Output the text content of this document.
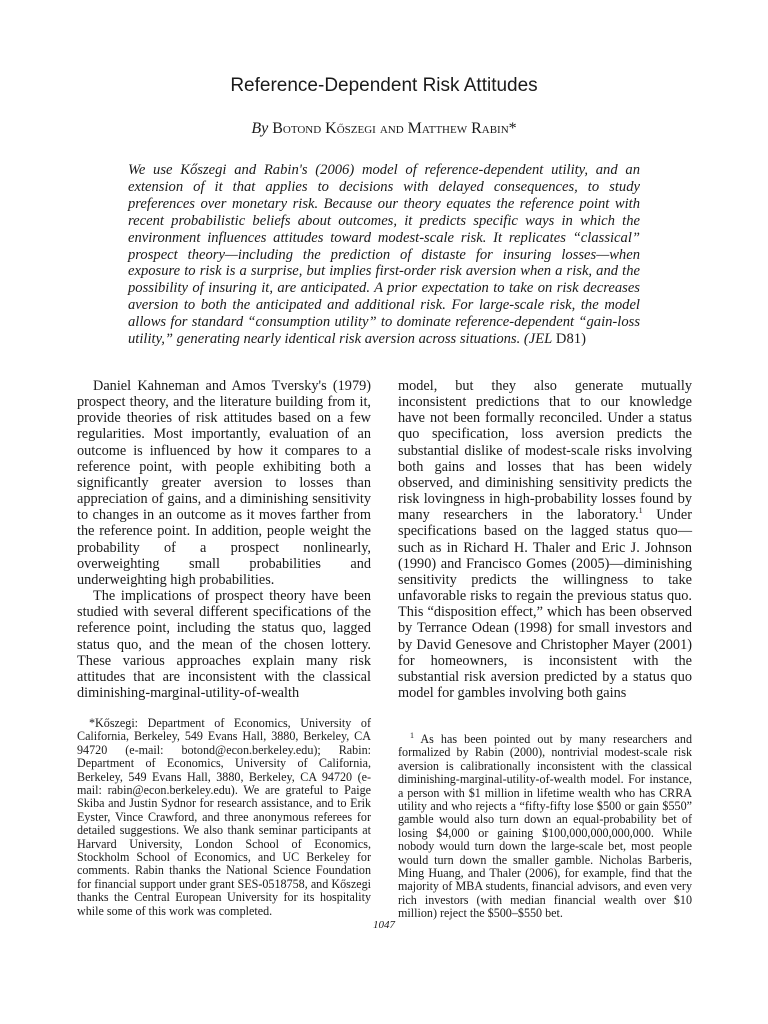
Reference-Dependent Risk Attitudes
By Botond Kőszegi and Matthew Rabin*
We use Kőszegi and Rabin's (2006) model of reference-dependent utility, and an extension of it that applies to decisions with delayed consequences, to study preferences over monetary risk. Because our theory equates the reference point with recent probabilistic beliefs about outcomes, it predicts specific ways in which the environment influences attitudes toward modest-scale risk. It replicates “classical” prospect theory—including the prediction of distaste for insuring losses—when exposure to risk is a surprise, but implies first-order risk aversion when a risk, and the possibility of insuring it, are anticipated. A prior expectation to take on risk decreases aversion to both the anticipated and additional risk. For large-scale risk, the model allows for standard “consumption utility” to dominate reference-dependent “gain-loss utility,” generating nearly identical risk aversion across situations. (JEL D81)

Daniel Kahneman and Amos Tversky's (1979) prospect theory, and the literature building from it, provide theories of risk attitudes based on a few regularities. Most importantly, evaluation of an outcome is influenced by how it compares to a reference point, with people exhibiting both a significantly greater aversion to losses than appreciation of gains, and a diminishing sensitivity to changes in an outcome as it moves farther from the reference point. In addition, people weight the probability of a prospect nonlinearly, overweighting small probabilities and underweighting high probabilities.

The implications of prospect theory have been studied with several different specifications of the reference point, including the status quo, lagged status quo, and the mean of the chosen lottery. These various approaches explain many risk attitudes that are inconsistent with the classical diminishing-marginal-utility-of-wealth

model, but they also generate mutually inconsistent predictions that to our knowledge have not been formally reconciled. Under a status quo specification, loss aversion predicts the substantial dislike of modest-scale risks involving both gains and losses that has been widely observed, and diminishing sensitivity predicts the risk lovingness in high-probability losses found by many researchers in the laboratory.$^1$ Under specifications based on the lagged status quo—such as in Richard H. Thaler and Eric J. Johnson (1990) and Francisco Gomes (2005)—diminishing sensitivity predicts the willingness to take unfavorable risks to regain the previous status quo. This “disposition effect,” which has been observed by Terrance Odean (1998) for small investors and by David Genesove and Christopher Mayer (2001) for homeowners, is inconsistent with the substantial risk aversion predicted by a status quo model for gambles involving both gains

*Kőszegi: Department of Economics, University of California, Berkeley, 549 Evans Hall, 3880, Berkeley, CA 94720 (e-mail: botond@econ.berkeley.edu); Rabin: Department of Economics, University of California, Berkeley, 549 Evans Hall, 3880, Berkeley, CA 94720 (e-mail: rabin@econ.berkeley.edu). We are grateful to Paige Skiba and Justin Sydnor for research assistance, and to Erik Eyster, Vince Crawford, and three anonymous referees for detailed suggestions. We also thank seminar participants at Harvard University, London School of Economics, Stockholm School of Economics, and UC Berkeley for comments. Rabin thanks the National Science Foundation for financial support under grant SES-0518758, and Kőszegi thanks the Central European University for its hospitality while some of this work was completed.

$^1$ As has been pointed out by many researchers and formalized by Rabin (2000), nontrivial modest-scale risk aversion is calibrationally inconsistent with the classical diminishing-marginal-utility-of-wealth model. For instance, a person with $1 million in lifetime wealth who has CRRA utility and who rejects a “fifty-fifty lose $500 or gain $550” gamble would also turn down an equal-probability bet of losing $4,000 or gaining $100,000,000,000,000. While nobody would turn down the large-scale bet, most people would turn down the smaller gamble. Nicholas Barberis, Ming Huang, and Thaler (2006), for example, find that the majority of MBA students, financial advisors, and even very rich investors (with median financial wealth over $10 million) reject the $500–$550 bet.

1047
